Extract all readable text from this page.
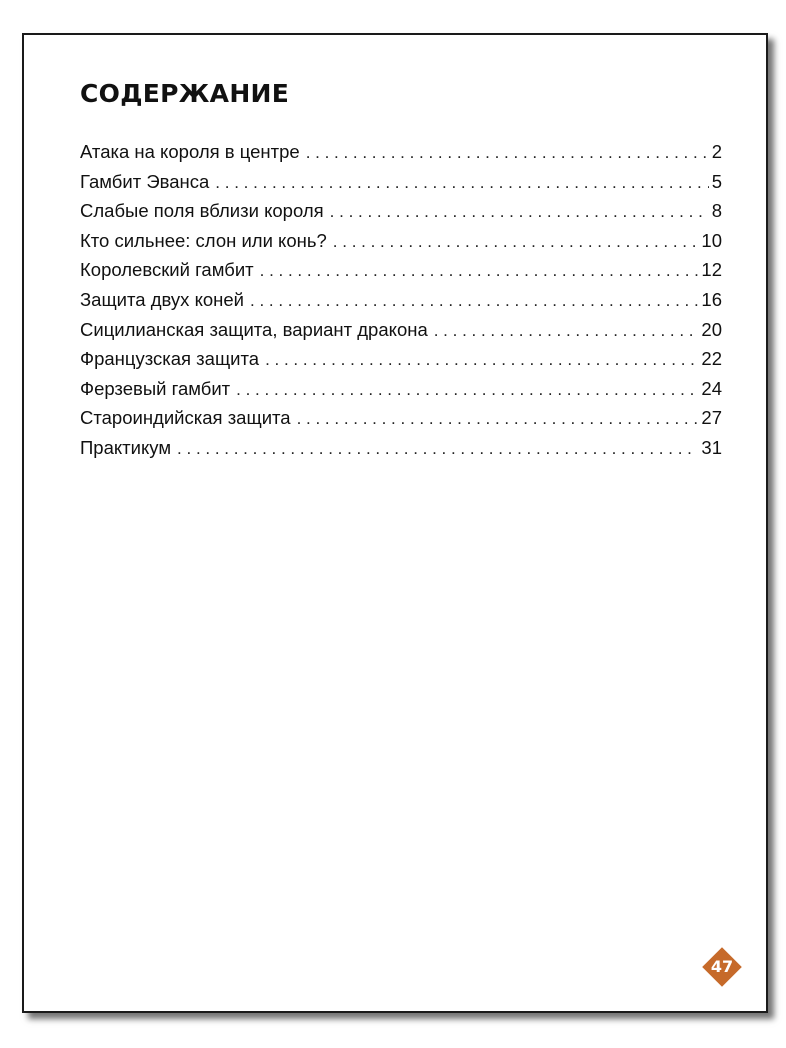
СОДЕРЖАНИЕ
Атака на короля в центре . . .	2
Гамбит Эванса . . .	5
Слабые поля вблизи короля . . .	8
Кто сильнее: слон или конь? . . .	10
Королевский гамбит . . .	12
Защита двух коней . . .	16
Сицилианская защита, вариант дракона . . .	20
Французская защита . . .	22
Ферзевый гамбит . . .	24
Староиндийская защита . . .	27
Практикум . . .	31
47
